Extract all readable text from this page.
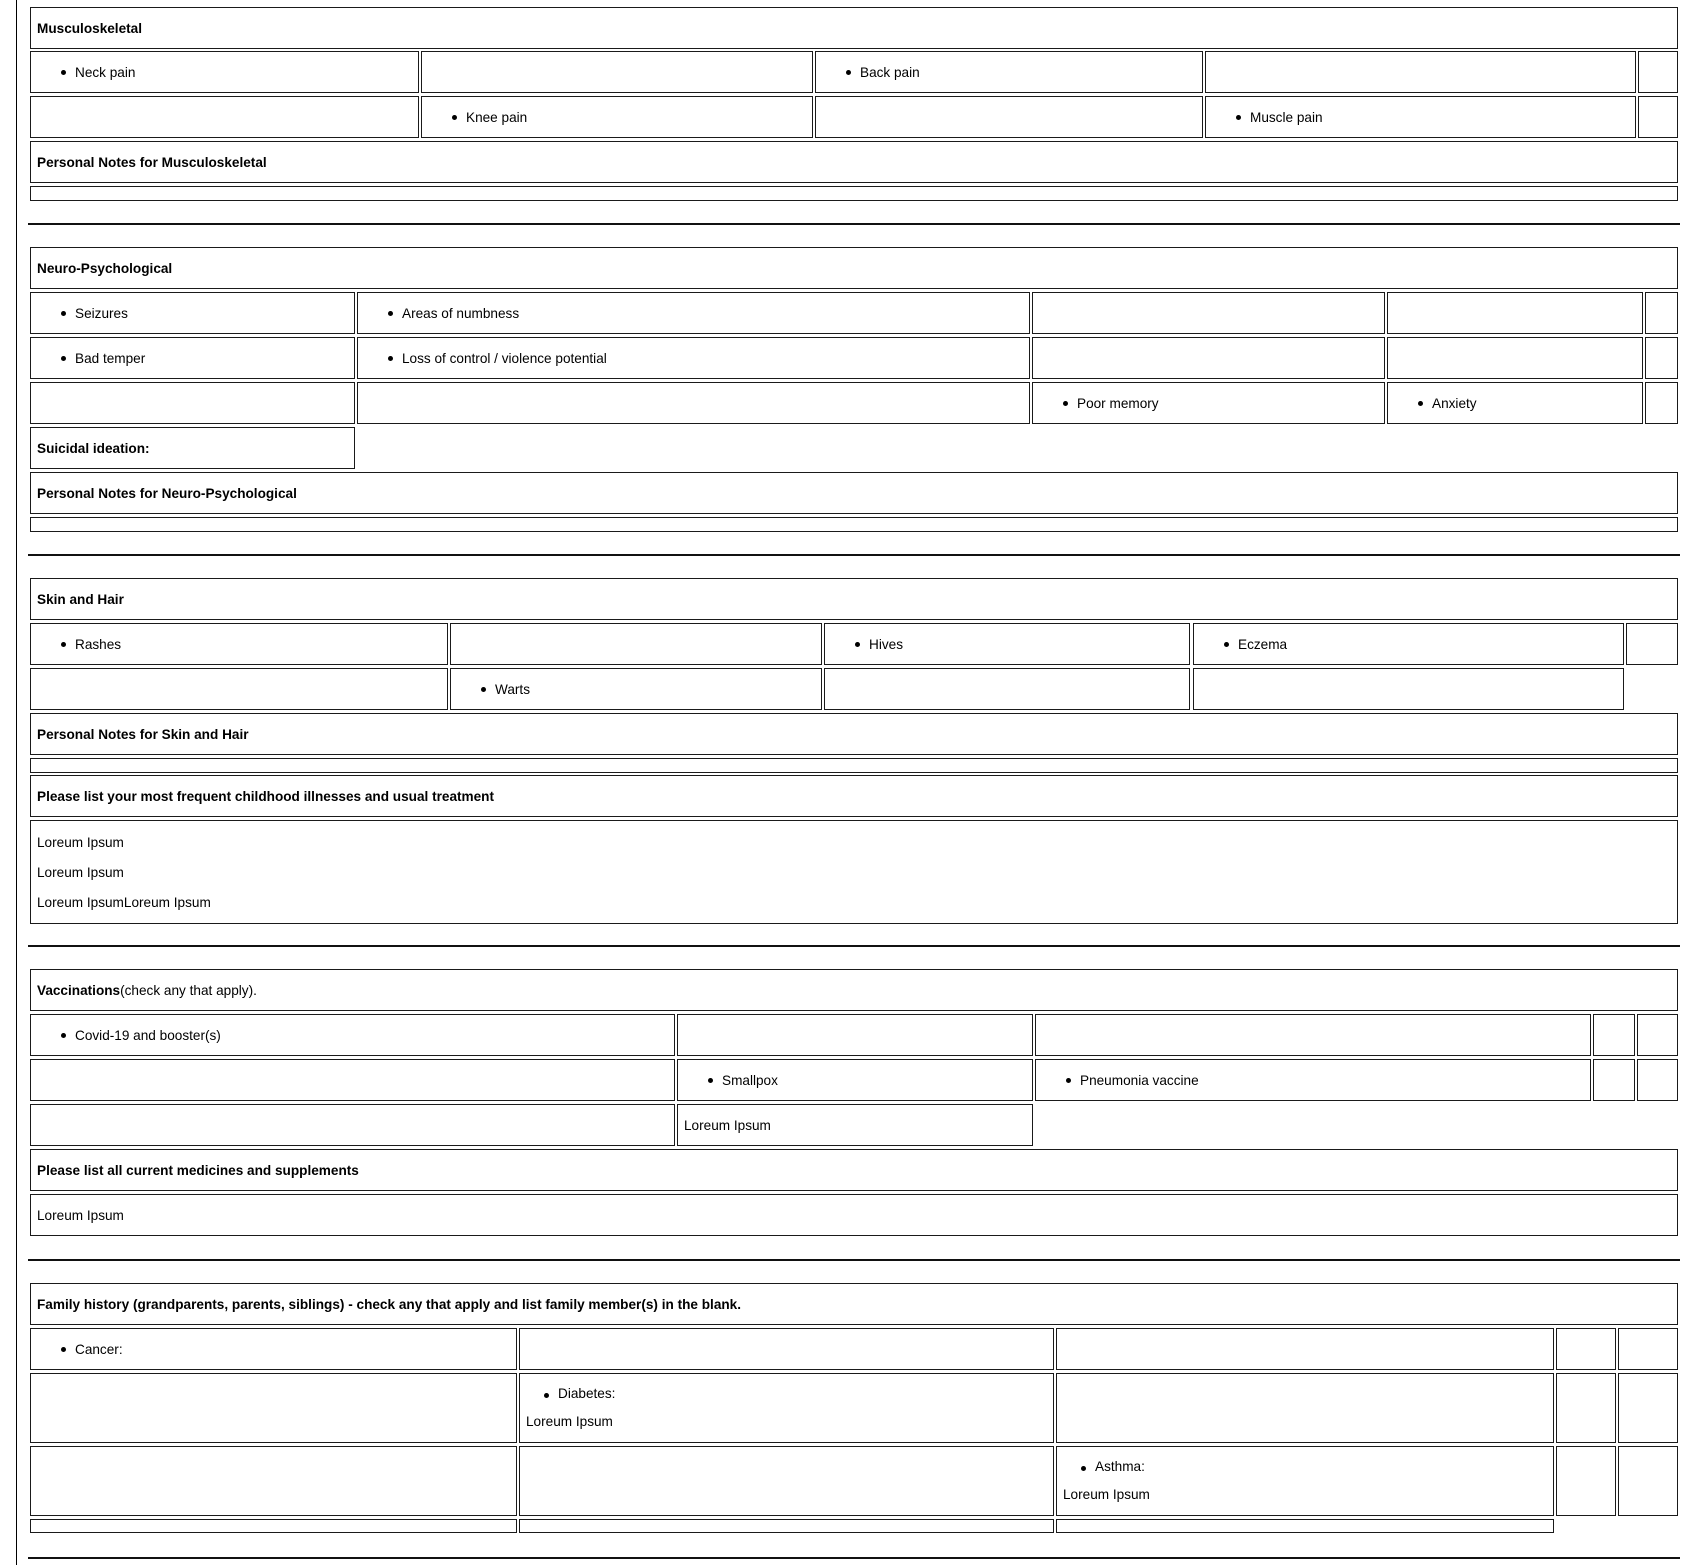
Musculoskeletal
Neck pain	Back pain
Knee pain	Muscle pain
Personal Notes for Musculoskeletal
Neuro-Psychological
Seizures	Areas of numbness
Bad temper	Loss of control / violence potential
Poor memory	Anxiety
Suicidal ideation:
Personal Notes for Neuro-Psychological
Skin and Hair
Rashes	Hives	Eczema
Warts
Personal Notes for Skin and Hair
Please list your most frequent childhood illnesses and usual treatment
Loreum Ipsum
Loreum Ipsum
Loreum IpsumLoreum Ipsum
Vaccinations (check any that apply).
Covid-19 and booster(s)
Smallpox	Pneumonia vaccine
Loreum Ipsum
Please list all current medicines and supplements
Loreum Ipsum
Family history (grandparents, parents, siblings) - check any that apply and list family member(s) in the blank.
Cancer:
Diabetes:
Loreum Ipsum
Asthma:
Loreum Ipsum
